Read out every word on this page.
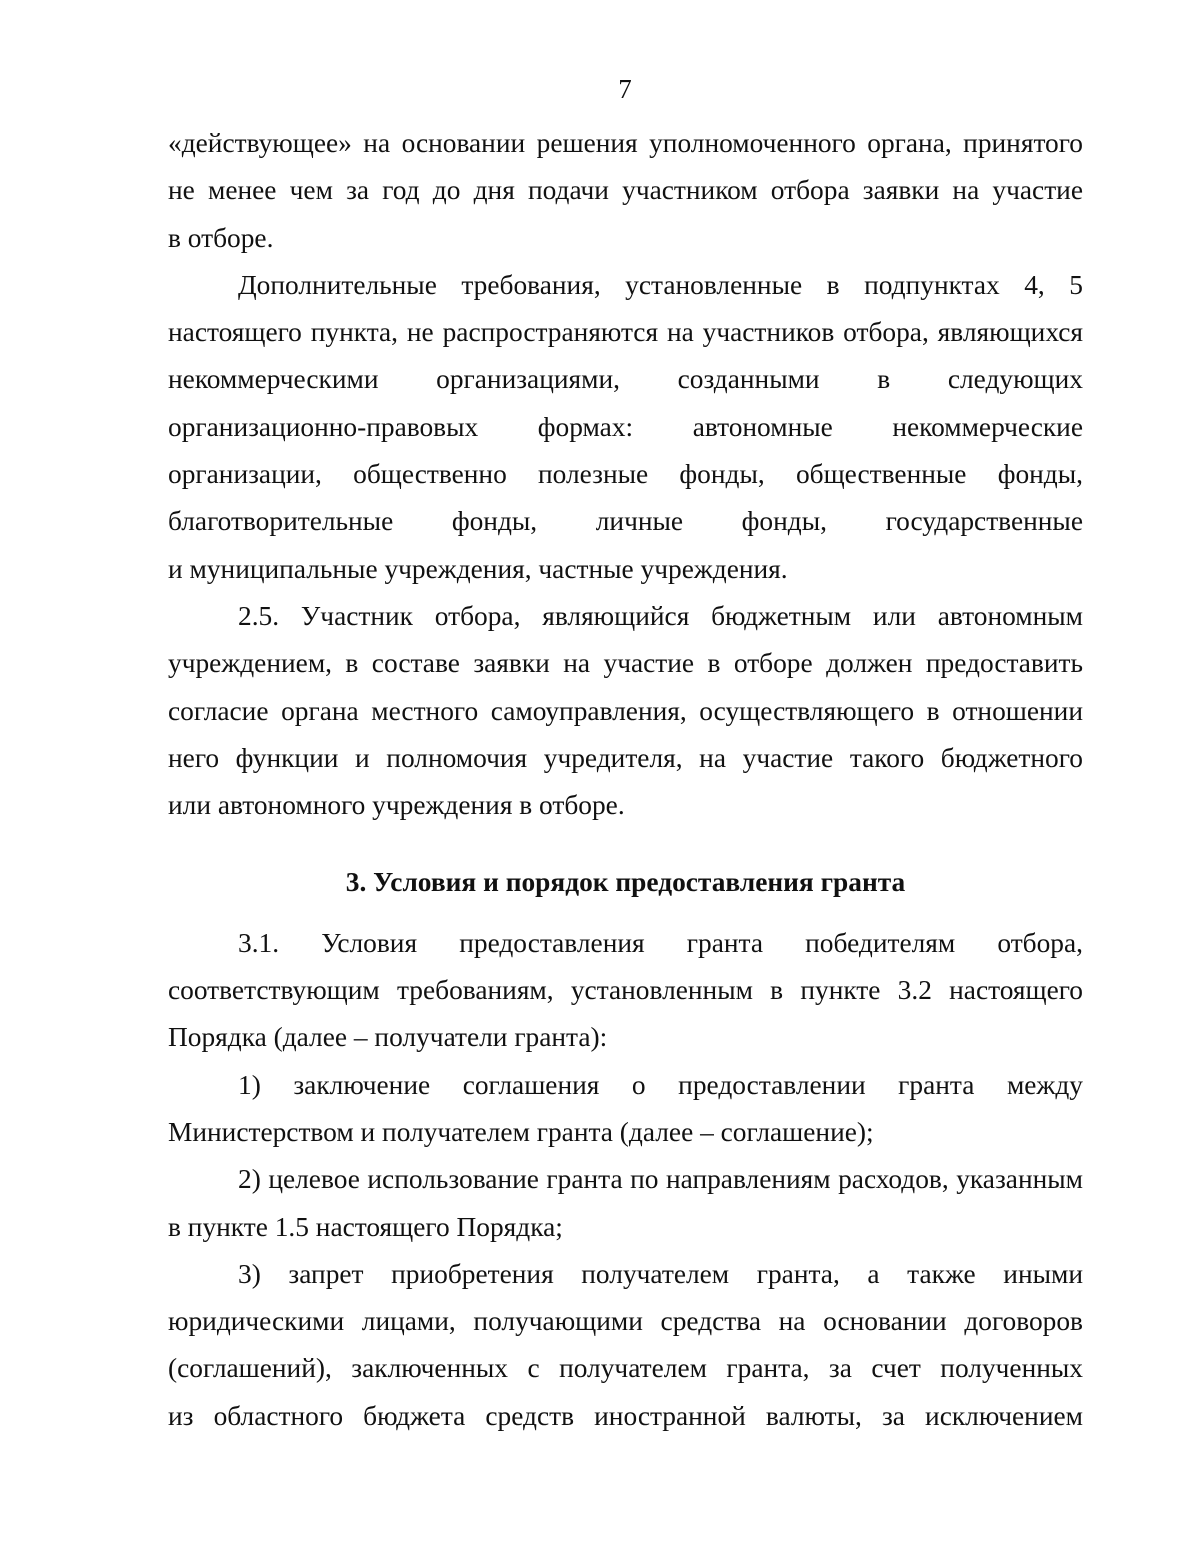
7
«действующее» на основании решения уполномоченного органа, принятого
не менее чем за год до дня подачи участником отбора заявки на участие
в отборе.
Дополнительные требования, установленные в подпунктах 4, 5
настоящего пункта, не распространяются на участников отбора, являющихся
некоммерческими организациями, созданными в следующих
организационно-правовых формах: автономные некоммерческие
организации, общественно полезные фонды, общественные фонды,
благотворительные фонды, личные фонды, государственные
и муниципальные учреждения, частные учреждения.
2.5. Участник отбора, являющийся бюджетным или автономным
учреждением, в составе заявки на участие в отборе должен предоставить
согласие органа местного самоуправления, осуществляющего в отношении
него функции и полномочия учредителя, на участие такого бюджетного
или автономного учреждения в отборе.
3. Условия и порядок предоставления гранта
3.1. Условия предоставления гранта победителям отбора,
соответствующим требованиям, установленным в пункте 3.2 настоящего
Порядка (далее – получатели гранта):
1) заключение соглашения о предоставлении гранта между
Министерством и получателем гранта (далее – соглашение);
2) целевое использование гранта по направлениям расходов, указанным
в пункте 1.5 настоящего Порядка;
3) запрет приобретения получателем гранта, а также иными
юридическими лицами, получающими средства на основании договоров
(соглашений), заключенных с получателем гранта, за счет полученных
из областного бюджета средств иностранной валюты, за исключением
